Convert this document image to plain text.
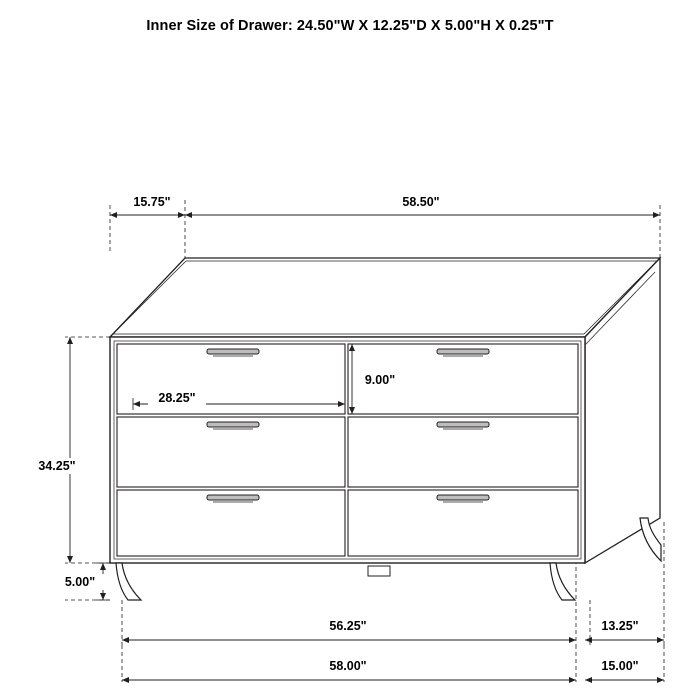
Inner Size of Drawer: 24.50"W X 12.25"D X 5.00"H X 0.25"T
15.75"	58.50"
9.00"
28.25"
34.25"
5.00"
56.25"	13.25"
58.00"	15.00"
